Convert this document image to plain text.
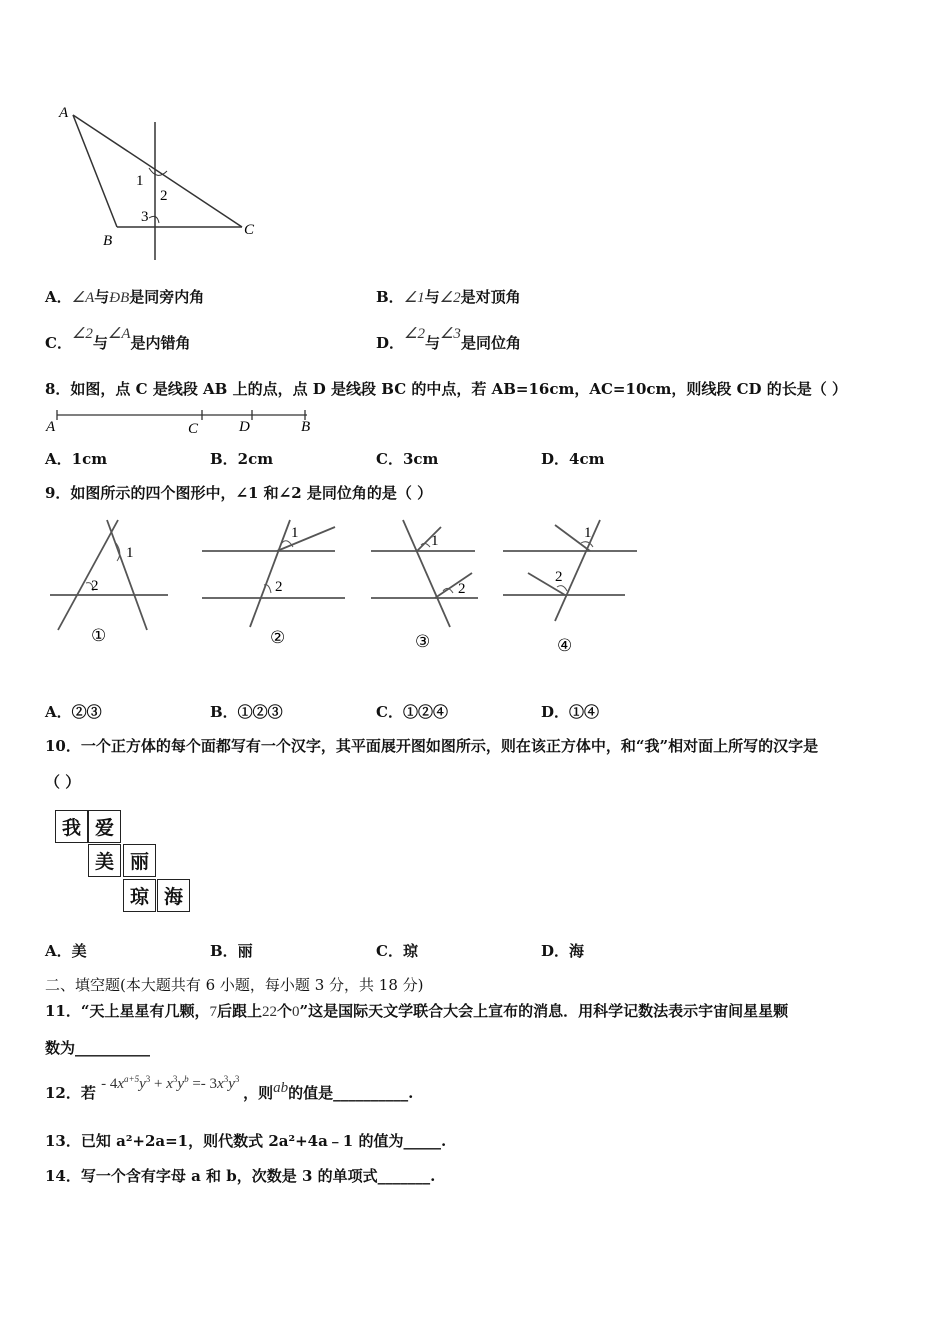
A
B
C
1
2
3
A．∠A与ÐB是同旁内角	B．∠1与∠2是对顶角
C．∠2与∠A是内错角	D．∠2与∠3是同位角
8．如图，点 C 是线段 AB 上的点，点 D 是线段 BC 的中点，若 AB=16cm，AC=10cm，则线段 CD 的长是（ ）
A	C	D	B
A．1cm	B．2cm	C．3cm	D．4cm
9．如图所示的四个图形中，∠1 和∠2 是同位角的是（ ）
1
2
①
1
2
②
1
2
③
1
2
④
A．②③	B．①②③	C．①②④	D．①④
10．一个正方体的每个面都写有一个汉字，其平面展开图如图所示，则在该正方体中，和“我”相对面上所写的汉字是
（ ）
我 爱
美 丽
琼 海
A．美	B．丽	C．琼	D．海
二、填空题(本大题共有 6 小题，每小题 3 分，共 18 分)
11．“天上星星有几颗，7后跟上22个0”这是国际天文学联合大会上宣布的消息．用科学记数法表示宇宙间星星颗
数为__________
12．若 - $4x^{a+5}y^3 + x^3y^b =- 3x^3y^3$ ，则ab的值是__________.
13．已知 a²+2a=1，则代数式 2a²+4a﹣1 的值为_____.
14．写一个含有字母 a 和 b，次数是 3 的单项式_______.
